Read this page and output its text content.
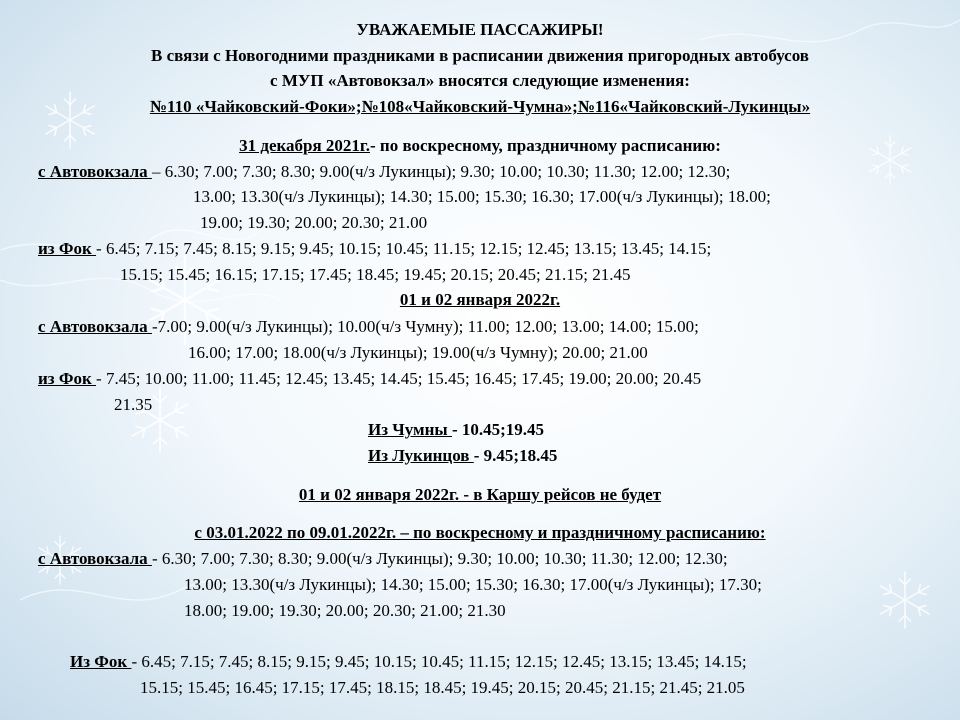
УВАЖАЕМЫЕ ПАССАЖИРЫ!
В связи с Новогодними праздниками в расписании движения пригородных автобусов
с МУП «Автовокзал» вносятся следующие изменения:
№110 «Чайковский-Фоки»;№108«Чайковский-Чумна»;№116«Чайковский-Лукинцы»
31 декабря 2021г.- по воскресному, праздничному расписанию:
с Автовокзала – 6.30; 7.00; 7.30; 8.30; 9.00(ч/з Лукинцы); 9.30; 10.00; 10.30; 11.30; 12.00; 12.30;
13.00; 13.30(ч/з Лукинцы); 14.30; 15.00; 15.30; 16.30; 17.00(ч/з Лукинцы); 18.00;
19.00; 19.30; 20.00; 20.30; 21.00
из Фок - 6.45; 7.15; 7.45; 8.15; 9.15; 9.45; 10.15; 10.45; 11.15; 12.15; 12.45; 13.15; 13.45; 14.15;
15.15; 15.45; 16.15; 17.15; 17.45; 18.45; 19.45; 20.15; 20.45; 21.15; 21.45
01 и 02 января 2022г.
с Автовокзала -7.00; 9.00(ч/з Лукинцы); 10.00(ч/з Чумну); 11.00; 12.00; 13.00; 14.00; 15.00;
16.00; 17.00; 18.00(ч/з Лукинцы); 19.00(ч/з Чумну); 20.00; 21.00
из Фок - 7.45; 10.00; 11.00; 11.45; 12.45; 13.45; 14.45; 15.45; 16.45; 17.45; 19.00; 20.00; 20.45
21.35
Из Чумны - 10.45;19.45
Из Лукинцов - 9.45;18.45
01 и 02 января 2022г. - в Каршу рейсов не будет
с 03.01.2022 по 09.01.2022г. – по воскресному и праздничному расписанию:
с Автовокзала - 6.30; 7.00; 7.30; 8.30; 9.00(ч/з Лукинцы); 9.30; 10.00; 10.30; 11.30; 12.00; 12.30;
13.00; 13.30(ч/з Лукинцы); 14.30; 15.00; 15.30; 16.30; 17.00(ч/з Лукинцы); 17.30;
18.00; 19.00; 19.30; 20.00; 20.30; 21.00; 21.30
Из Фок - 6.45; 7.15; 7.45; 8.15; 9.15; 9.45; 10.15; 10.45; 11.15; 12.15; 12.45; 13.15; 13.45; 14.15;
15.15; 15.45; 16.45; 17.15; 17.45; 18.15; 18.45; 19.45; 20.15; 20.45; 21.15; 21.45; 21.05
